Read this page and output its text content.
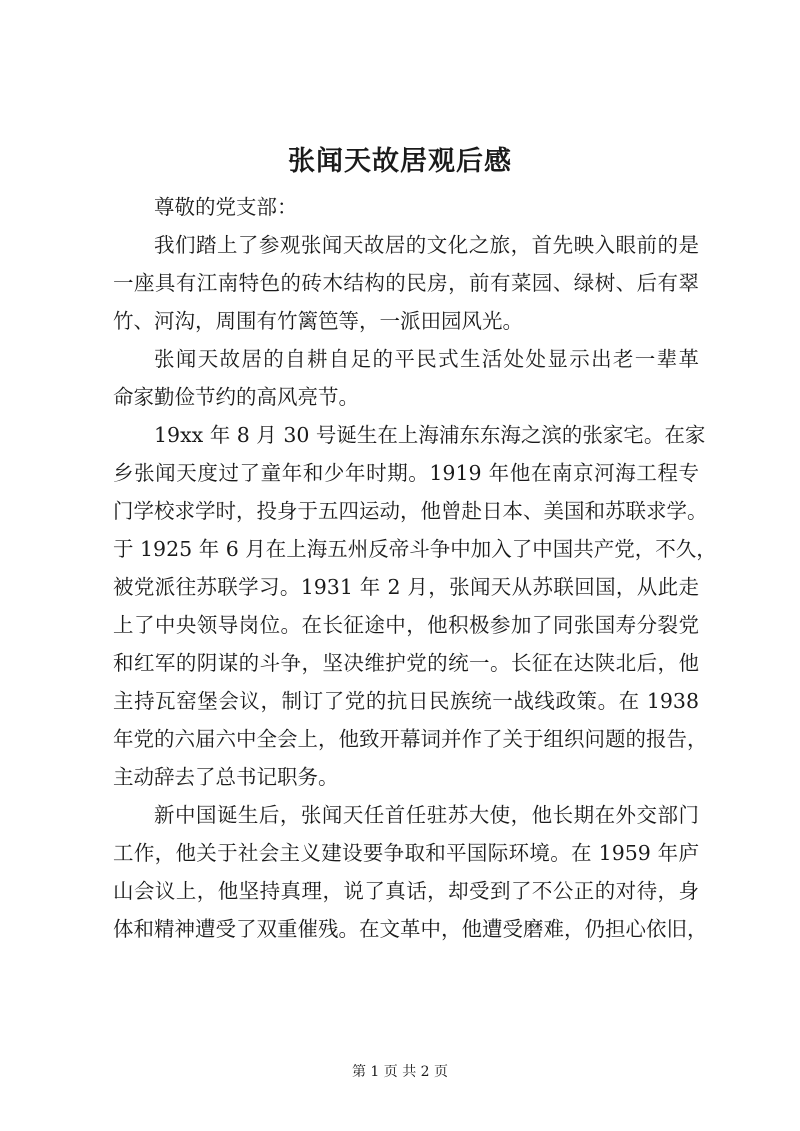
张闻天故居观后感
尊敬的党支部：
我们踏上了参观张闻天故居的文化之旅，首先映入眼前的是
一座具有江南特色的砖木结构的民房，前有菜园、绿树、后有翠
竹、河沟，周围有竹篱笆等，一派田园风光。
张闻天故居的自耕自足的平民式生活处处显示出老一辈革
命家勤俭节约的高风亮节。
19xx 年 8 月 30 号诞生在上海浦东东海之滨的张家宅。在家
乡张闻天度过了童年和少年时期。1919 年他在南京河海工程专
门学校求学时，投身于五四运动，他曾赴日本、美国和苏联求学。
于 1925 年 6 月在上海五州反帝斗争中加入了中国共产党，不久，
被党派往苏联学习。1931 年 2 月，张闻天从苏联回国，从此走
上了中央领导岗位。在长征途中，他积极参加了同张国寿分裂党
和红军的阴谋的斗争，坚决维护党的统一。长征在达陕北后，他
主持瓦窑堡会议，制订了党的抗日民族统一战线政策。在 1938
年党的六届六中全会上，他致开幕词并作了关于组织问题的报告，
主动辞去了总书记职务。
新中国诞生后，张闻天任首任驻苏大使，他长期在外交部门
工作，他关于社会主义建设要争取和平国际环境。在 1959 年庐
山会议上，他坚持真理，说了真话，却受到了不公正的对待，身
体和精神遭受了双重催残。在文革中，他遭受磨难，仍担心依旧，
第 1 页 共 2 页
